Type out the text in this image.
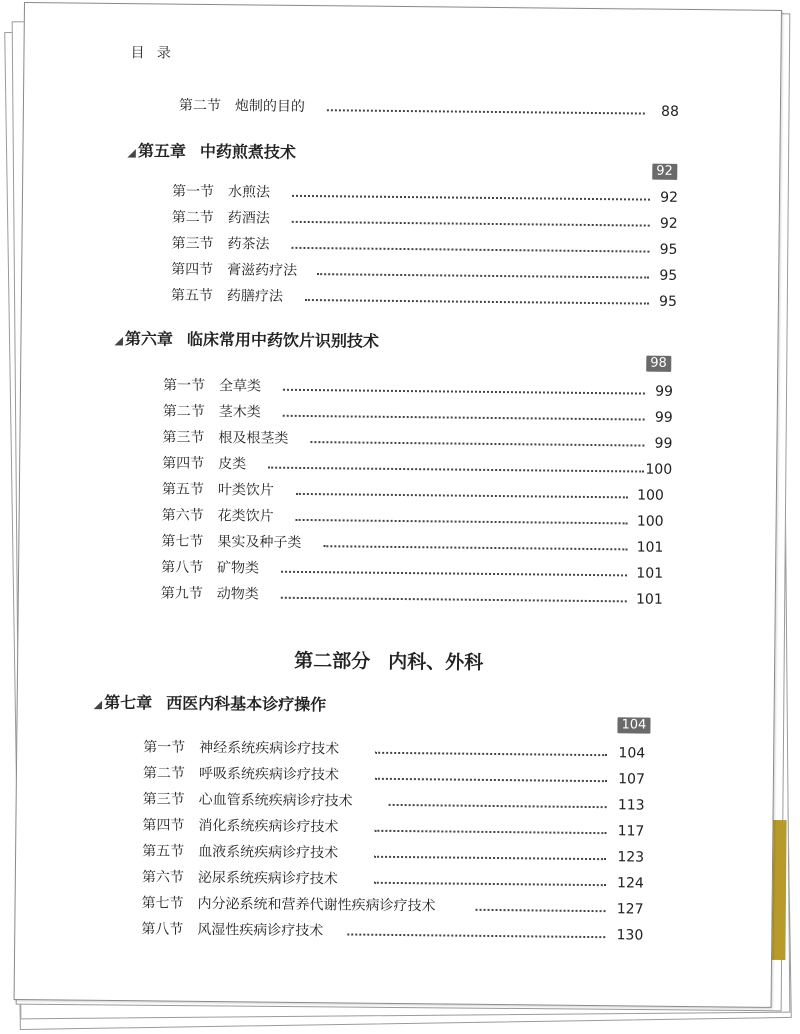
目 录
第二节 炮制的目的	88
◢ 第五章 中药煎煮技术
92
第一节 水煎法	92
第二节 药酒法	92
第三节 药茶法	95
第四节 膏滋药疗法	95
第五节 药膳疗法	95
◢ 第六章 临床常用中药饮片识别技术
98
第一节 全草类	99
第二节 茎木类	99
第三节 根及根茎类	99
第四节 皮类	100
第五节 叶类饮片	100
第六节 花类饮片	100
第七节 果实及种子类	101
第八节 矿物类	101
第九节 动物类	101
第二部分 内科、外科
◢ 第七章 西医内科基本诊疗操作
104
第一节 神经系统疾病诊疗技术	104
第二节 呼吸系统疾病诊疗技术	107
第三节 心血管系统疾病诊疗技术	113
第四节 消化系统疾病诊疗技术	117
第五节 血液系统疾病诊疗技术	123
第六节 泌尿系统疾病诊疗技术	124
第七节 内分泌系统和营养代谢性疾病诊疗技术	127
第八节 风湿性疾病诊疗技术	130
